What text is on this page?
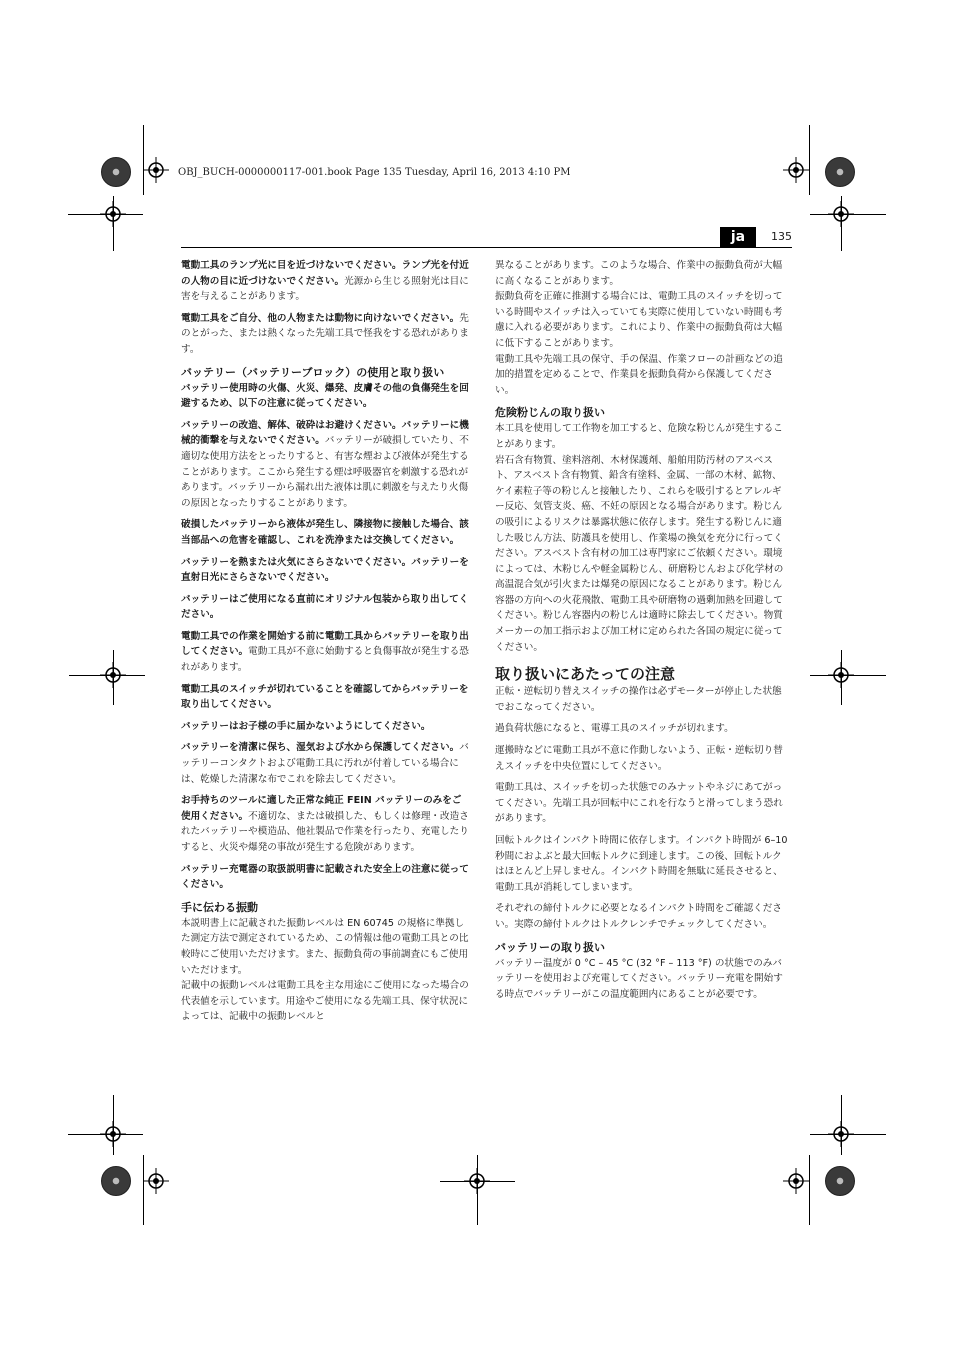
OBJ_BUCH-0000000117-001.book Page 135 Tuesday, April 16, 2013 4:10 PM
ja	135

電動工具のランプ光に目を近づけないでください。ランプ光を付近の人物の目に近づけないでください。光源から生じる照射光は目に害を与えることがあります。

電動工具をご自分、他の人物または動物に向けないでください。先のとがった、または熱くなった先端工具で怪我をする恐れがあります。

バッテリー（バッテリーブロック）の使用と取り扱い

バッテリー使用時の火傷、火災、爆発、皮膚その他の負傷発生を回避するため、以下の注意に従ってください。

バッテリーの改造、解体、破砕はお避けください。バッテリーに機械的衝撃を与えないでください。バッテリーが破損していたり、不適切な使用方法をとったりすると、有害な煙および液体が発生することがあります。ここから発生する煙は呼吸器官を刺激する恐れがあります。バッテリーから漏れ出た液体は肌に刺激を与えたり火傷の原因となったりすることがあります。

破損したバッテリーから液体が発生し、隣接物に接触した場合、該当部品への危害を確認し、これを洗浄または交換してください。

バッテリーを熱または火気にさらさないでください。バッテリーを直射日光にさらさないでください。

バッテリーはご使用になる直前にオリジナル包装から取り出してください。

電動工具での作業を開始する前に電動工具からバッテリーを取り出してください。電動工具が不意に始動すると負傷事故が発生する恐れがあります。

電動工具のスイッチが切れていることを確認してからバッテリーを取り出してください。

バッテリーはお子様の手に届かないようにしてください。

バッテリーを清潔に保ち、湿気および水から保護してください。バッテリーコンタクトおよび電動工具に汚れが付着している場合には、乾燥した清潔な布でこれを除去してください。

お手持ちのツールに適した正常な純正 FEIN バッテリーのみをご使用ください。不適切な、または破損した、もしくは修理・改造されたバッテリーや模造品、他社製品で作業を行ったり、充電したりすると、火災や爆発の事故が発生する危険があります。

バッテリー充電器の取扱説明書に記載された安全上の注意に従ってください。

手に伝わる振動

本説明書上に記載された振動レベルは EN 60745 の規格に準拠した測定方法で測定されているため、この情報は他の電動工具との比較時にご使用いただけます。また、振動負荷の事前調査にもご使用いただけます。

記載中の振動レベルは電動工具を主な用途にご使用になった場合の代表値を示しています。用途やご使用になる先端工具、保守状況によっては、記載中の振動レベルと

異なることがあります。このような場合、作業中の振動負荷が大幅に高くなることがあります。

振動負荷を正確に推測する場合には、電動工具のスイッチを切っている時間やスイッチは入っていても実際に使用していない時間も考慮に入れる必要があります。これにより、作業中の振動負荷は大幅に低下することがあります。

電動工具や先端工具の保守、手の保温、作業フローの計画などの追加的措置を定めることで、作業員を振動負荷から保護してください。

危険粉じんの取り扱い

本工具を使用して工作物を加工すると、危険な粉じんが発生することがあります。

岩石含有物質、塗料溶剤、木材保護剤、船舶用防汚材のアスベスト、アスベスト含有物質、鉛含有塗料、金属、一部の木材、鉱物、ケイ素粒子等の粉じんと接触したり、これらを吸引するとアレルギー反応、気管支炎、癌、不妊の原因となる場合があります。粉じんの吸引によるリスクは暴露状態に依存します。発生する粉じんに適した吸じん方法、防護具を使用し、作業場の換気を充分に行ってください。アスベスト含有材の加工は専門家にご依頼ください。環境によっては、木粉じんや軽金属粉じん、研磨粉じんおよび化学材の高温混合気が引火または爆発の原因になることがあります。粉じん容器の方向への火花飛散、電動工具や研磨物の過剰加熱を回避してください。粉じん容器内の粉じんは適時に除去してください。物質メーカーの加工指示および加工材に定められた各国の規定に従ってください。

取り扱いにあたっての注意

正転・逆転切り替えスイッチの操作は必ずモーターが停止した状態でおこなってください。

過負荷状態になると、電導工具のスイッチが切れます。

運搬時などに電動工具が不意に作動しないよう、正転・逆転切り替えスイッチを中央位置にしてください。

電動工具は、スイッチを切った状態でのみナットやネジにあてがってください。先端工具が回転中にこれを行なうと滑ってしまう恐れがあります。

回転トルクはインパクト時間に依存します。インパクト時間が 6–10 秒間におよぶと最大回転トルクに到達します。この後、回転トルクはほとんど上昇しません。インパクト時間を無駄に延長させると、電動工具が消耗してしまいます。

それぞれの締付トルクに必要となるインパクト時間をご確認ください。実際の締付トルクはトルクレンチでチェックしてください。

バッテリーの取り扱い

バッテリー温度が 0 °C – 45 °C (32 °F – 113 °F) の状態でのみバッテリーを使用および充電してください。バッテリー充電を開始する時点でバッテリーがこの温度範囲内にあることが必要です。
